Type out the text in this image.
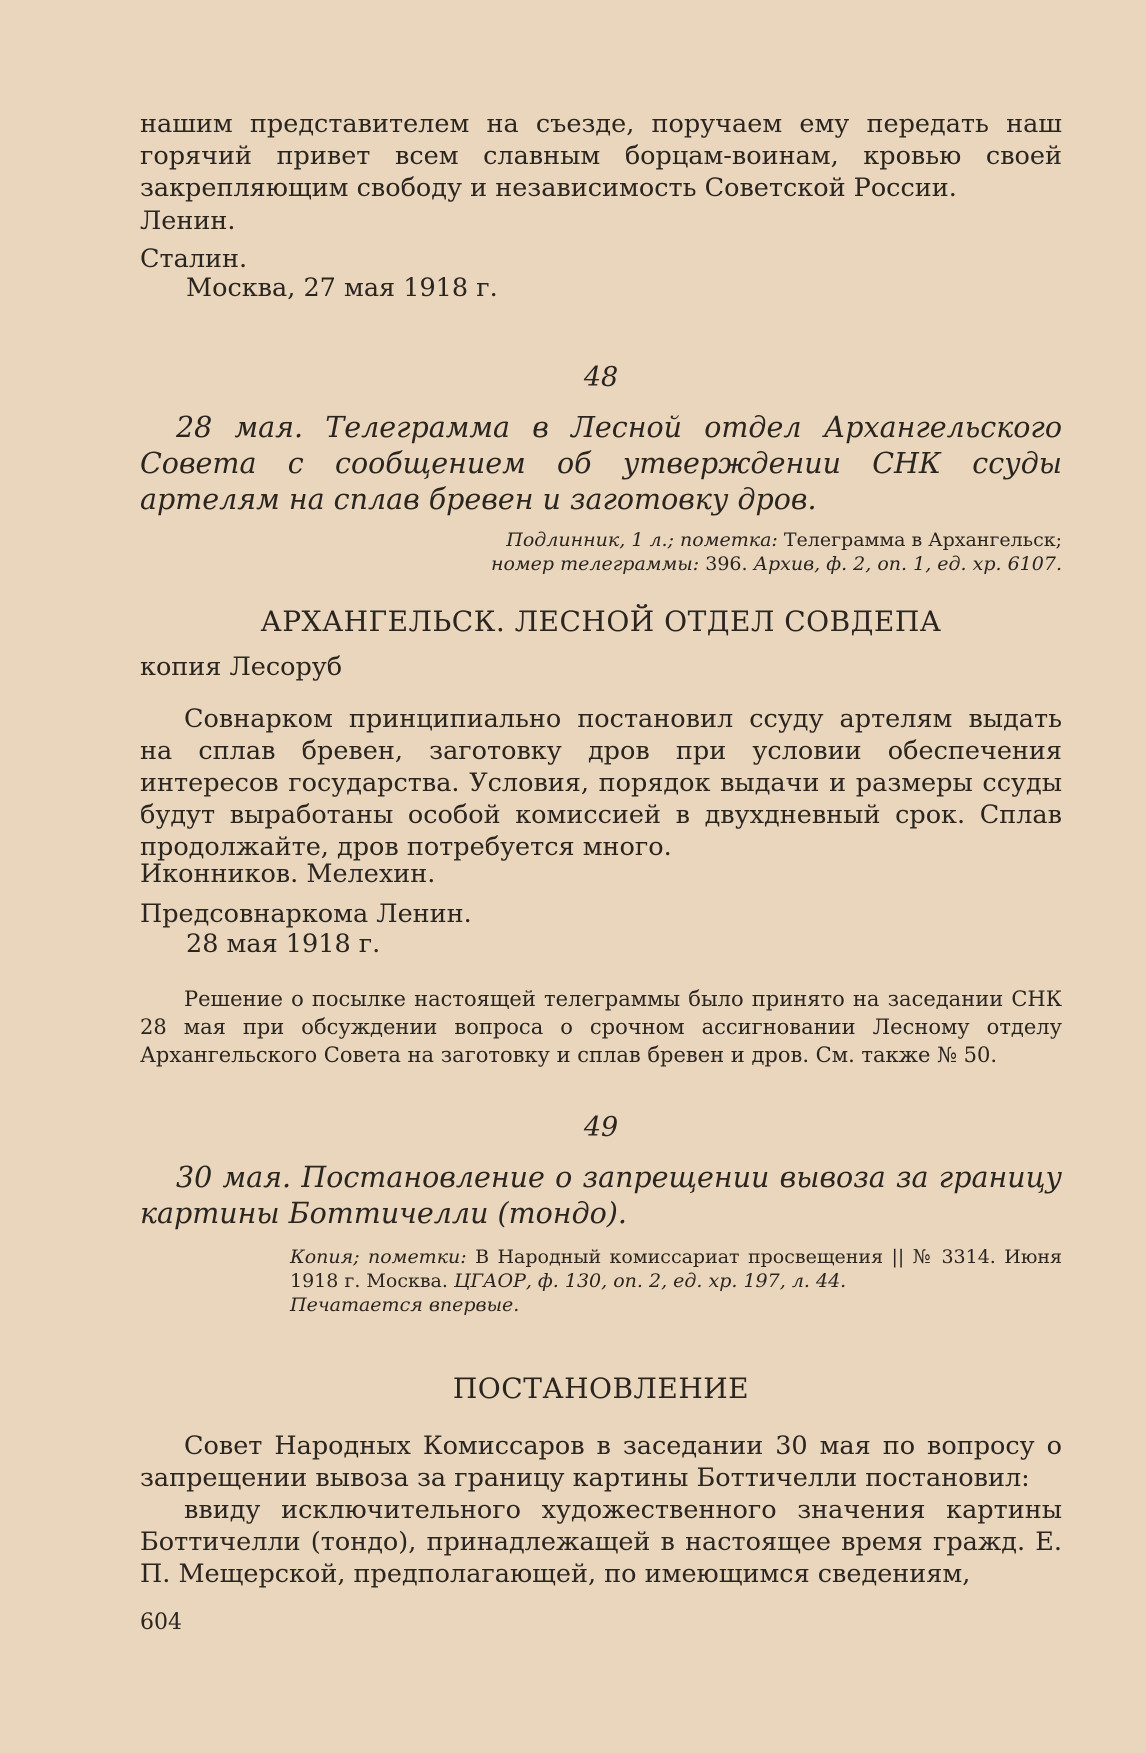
нашим представителем на съезде, поручаем ему передать наш горячий привет всем славным борцам-воинам, кровью своей закрепляющим свободу и независимость Советской России.
Ленин.
Сталин.
Москва, 27 мая 1918 г.
48
28 мая. Телеграмма в Лесной отдел Архангельского Совета с сообщением об утверждении СНК ссуды артелям на сплав бревен и заготовку дров.
Подлинник, 1 л.; пометка: Телеграмма в Архангельск;
номер телеграммы: 396. Архив, ф. 2, оп. 1, ед. хр. 6107.
АРХАНГЕЛЬСК. ЛЕСНОЙ ОТДЕЛ СОВДЕПА
копия Лесоруб
Совнарком принципиально постановил ссуду артелям выдать на сплав бревен, заготовку дров при условии обеспечения интересов государства. Условия, порядок выдачи и размеры ссуды будут выработаны особой комиссией в двухдневный срок. Сплав продолжайте, дров потребуется много.
Иконников. Мелехин.
Предсовнаркома Ленин.
28 мая 1918 г.
Решение о посылке настоящей телеграммы было принято на заседании СНК 28 мая при обсуждении вопроса о срочном ассигновании Лесному отделу Архангельского Совета на заготовку и сплав бревен и дров. См. также № 50.
49
30 мая. Постановление о запрещении вывоза за границу картины Боттичелли (тондо).
Копия; пометки: В Народный комиссариат просвещения || № 3314. Июня 1918 г. Москва. ЦГАОР, ф. 130, оп. 2, ед. хр. 197, л. 44.
Печатается впервые.
ПОСТАНОВЛЕНИЕ
Совет Народных Комиссаров в заседании 30 мая по вопросу о запрещении вывоза за границу картины Боттичелли постановил:
ввиду исключительного художественного значения картины Боттичелли (тондо), принадлежащей в настоящее время гражд. Е. П. Мещерской, предполагающей, по имеющимся сведениям,
604
